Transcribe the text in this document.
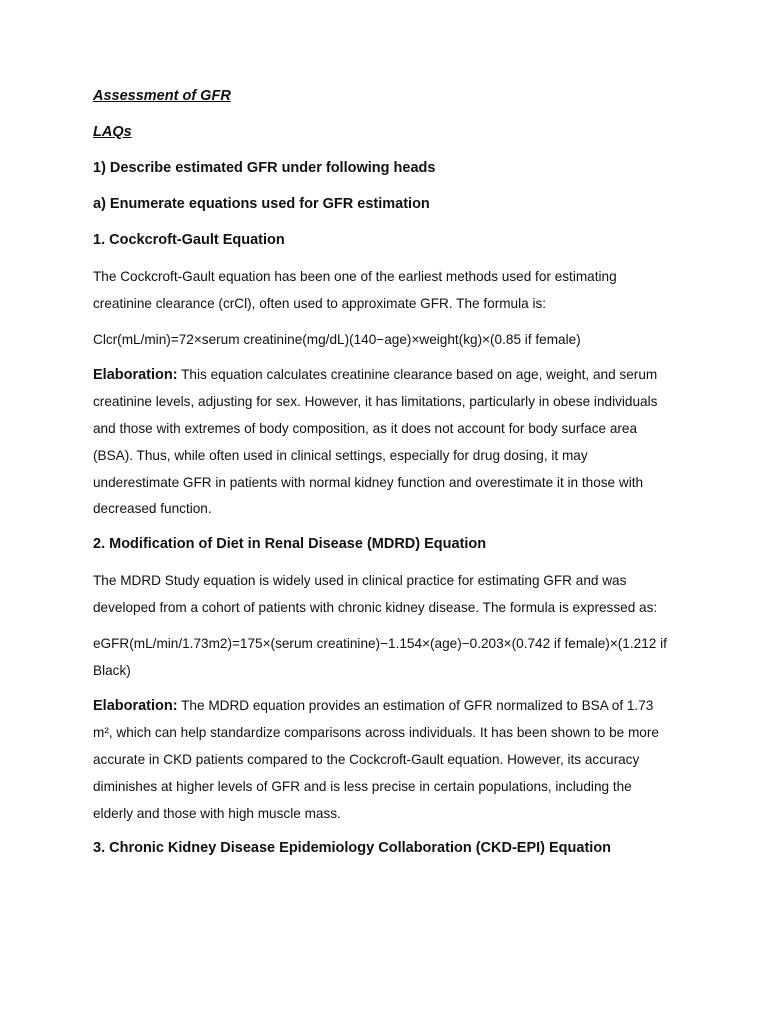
Assessment of GFR
LAQs
1) Describe estimated GFR under following heads
a) Enumerate equations used for GFR estimation
1. Cockcroft-Gault Equation
The Cockcroft-Gault equation has been one of the earliest methods used for estimating creatinine clearance (crCl), often used to approximate GFR. The formula is:
Clcr(mL/min)=72×serum creatinine(mg/dL)(140−age)×weight(kg)×(0.85 if female)
Elaboration: This equation calculates creatinine clearance based on age, weight, and serum creatinine levels, adjusting for sex. However, it has limitations, particularly in obese individuals and those with extremes of body composition, as it does not account for body surface area (BSA). Thus, while often used in clinical settings, especially for drug dosing, it may underestimate GFR in patients with normal kidney function and overestimate it in those with decreased function.
2. Modification of Diet in Renal Disease (MDRD) Equation
The MDRD Study equation is widely used in clinical practice for estimating GFR and was developed from a cohort of patients with chronic kidney disease. The formula is expressed as:
eGFR(mL/min/1.73m2)=175×(serum creatinine)−1.154×(age)−0.203×(0.742 if female)×(1.212 if Black)
Elaboration: The MDRD equation provides an estimation of GFR normalized to BSA of 1.73 m², which can help standardize comparisons across individuals. It has been shown to be more accurate in CKD patients compared to the Cockcroft-Gault equation. However, its accuracy diminishes at higher levels of GFR and is less precise in certain populations, including the elderly and those with high muscle mass.
3. Chronic Kidney Disease Epidemiology Collaboration (CKD-EPI) Equation
